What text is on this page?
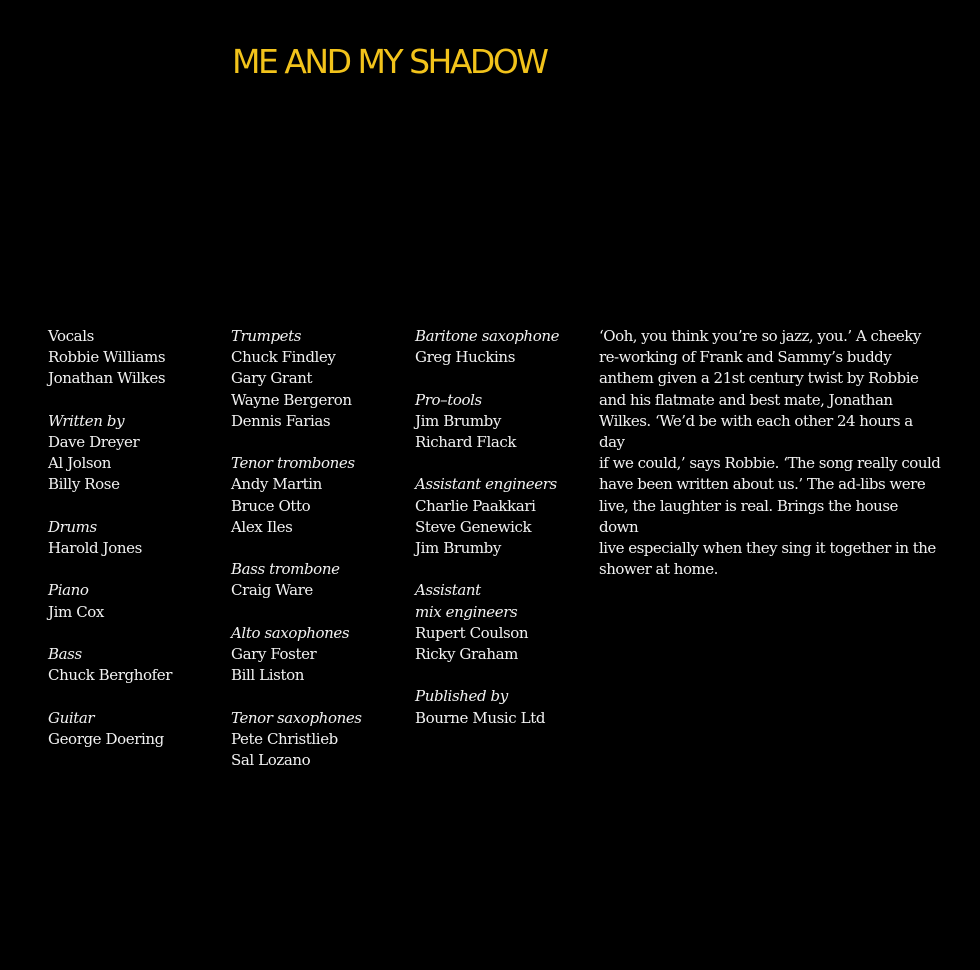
ME AND MY SHADOW
Vocals
Robbie Williams
Jonathan Wilkes
Written by
Dave Dreyer
Al Jolson
Billy Rose
Drums
Harold Jones
Piano
Jim Cox
Bass
Chuck Berghofer
Guitar
George Doering
Trumpets
Chuck Findley
Gary Grant
Wayne Bergeron
Dennis Farias
Tenor trombones
Andy Martin
Bruce Otto
Alex Iles
Bass trombone
Craig Ware
Alto saxophones
Gary Foster
Bill Liston
Tenor saxophones
Pete Christlieb
Sal Lozano
Baritone saxophone
Greg Huckins
Pro–tools
Jim Brumby
Richard Flack
Assistant engineers
Charlie Paakkari
Steve Genewick
Jim Brumby
Assistant
mix engineers
Rupert Coulson
Ricky Graham
Published by
Bourne Music Ltd

‘Ooh, you think you’re so jazz, you.’ A cheeky
re-working of Frank and Sammy’s buddy
anthem given a 21st century twist by Robbie
and his flatmate and best mate, Jonathan
Wilkes. ‘We’d be with each other 24 hours a day
if we could,’ says Robbie. ‘The song really could
have been written about us.’ The ad-libs were
live, the laughter is real. Brings the house down
live especially when they sing it together in the
shower at home.
